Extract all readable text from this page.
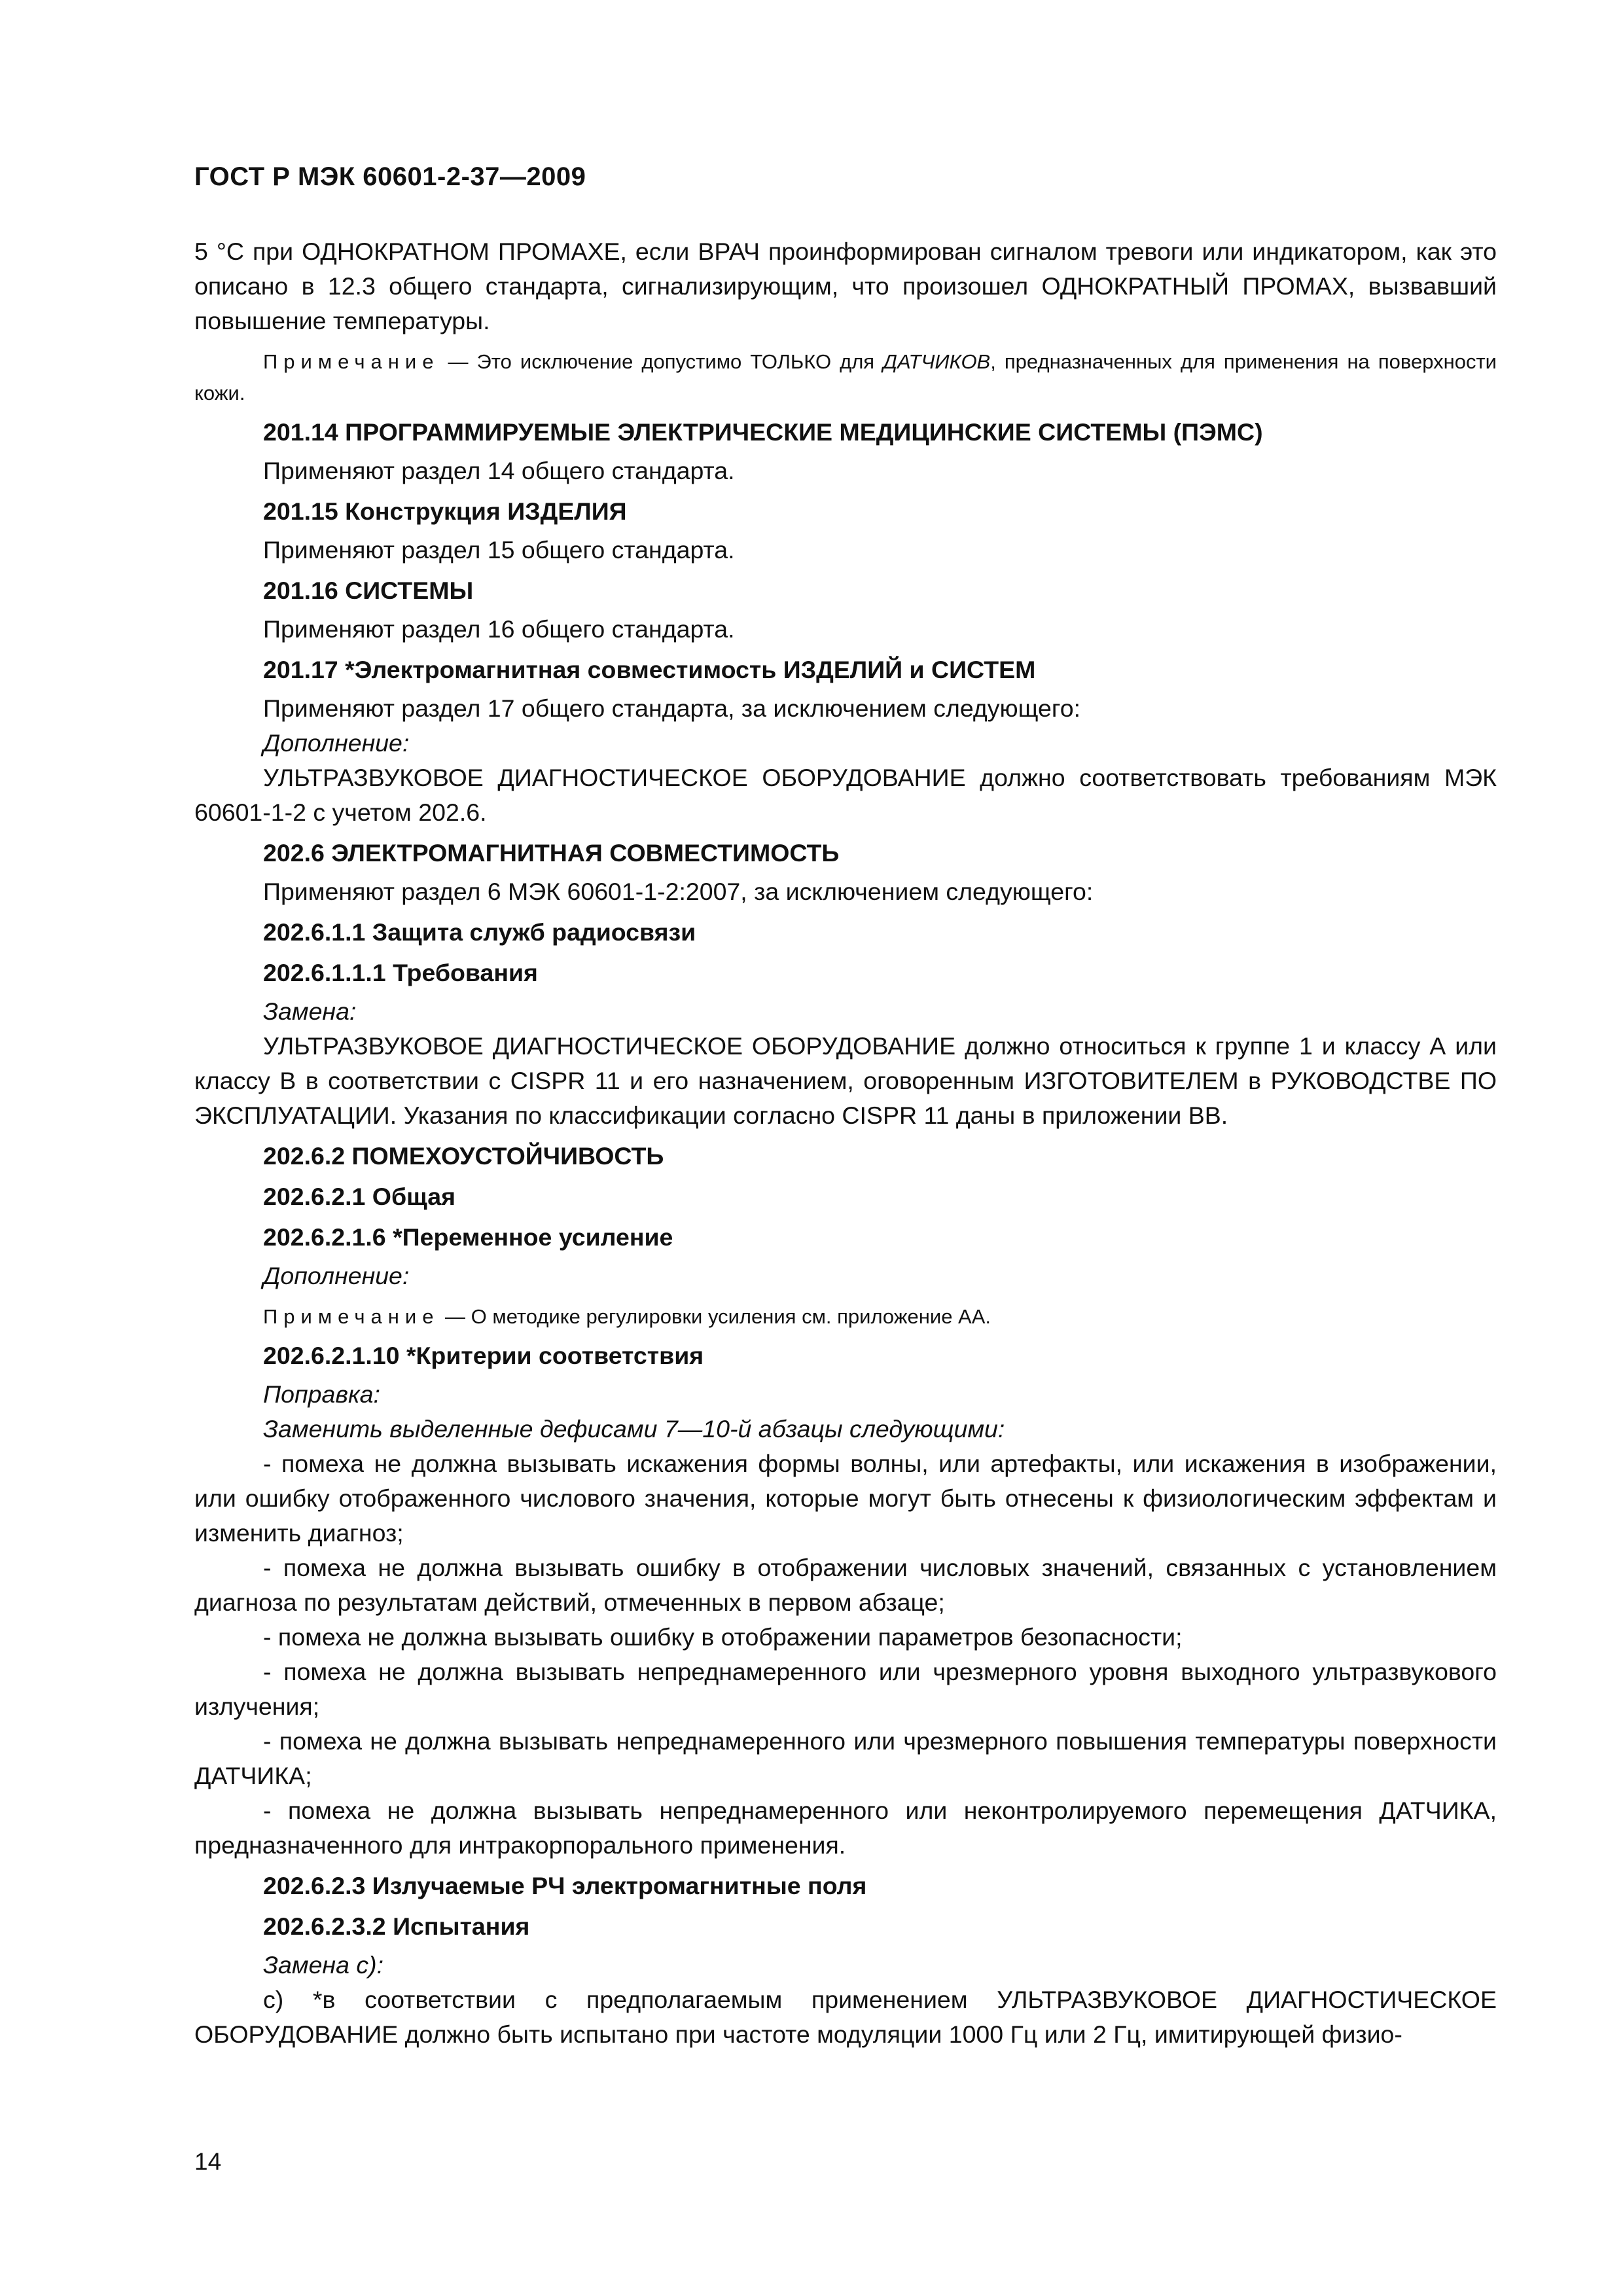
ГОСТ Р МЭК 60601-2-37—2009

5 °С при ОДНОКРАТНОМ ПРОМАХЕ, если ВРАЧ проинформирован сигналом тревоги или индикатором, как это описано в 12.3 общего стандарта, сигнализирующим, что произошел ОДНОКРАТНЫЙ ПРОМАХ, вызвавший повышение температуры.

Примечание — Это исключение допустимо ТОЛЬКО для ДАТЧИКОВ, предназначенных для применения на поверхности кожи.

201.14 ПРОГРАММИРУЕМЫЕ ЭЛЕКТРИЧЕСКИЕ МЕДИЦИНСКИЕ СИСТЕМЫ (ПЭМС)
Применяют раздел 14 общего стандарта.
201.15 Конструкция ИЗДЕЛИЯ
Применяют раздел 15 общего стандарта.
201.16 СИСТЕМЫ
Применяют раздел 16 общего стандарта.
201.17 *Электромагнитная совместимость ИЗДЕЛИЙ и СИСТЕМ
Применяют раздел 17 общего стандарта, за исключением следующего:
Дополнение:

УЛЬТРАЗВУКОВОЕ ДИАГНОСТИЧЕСКОЕ ОБОРУДОВАНИЕ должно соответствовать требованиям МЭК 60601-1-2 с учетом 202.6.

202.6 ЭЛЕКТРОМАГНИТНАЯ СОВМЕСТИМОСТЬ
Применяют раздел 6 МЭК 60601-1-2:2007, за исключением следующего:
202.6.1.1 Защита служб радиосвязи
202.6.1.1.1 Требования
Замена:

УЛЬТРАЗВУКОВОЕ ДИАГНОСТИЧЕСКОЕ ОБОРУДОВАНИЕ должно относиться к группе 1 и классу А или классу В в соответствии с CISPR 11 и его назначением, оговоренным ИЗГОТОВИТЕЛЕМ в РУКОВОДСТВЕ ПО ЭКСПЛУАТАЦИИ. Указания по классификации согласно CISPR 11 даны в приложении ВВ.

202.6.2 ПОМЕХОУСТОЙЧИВОСТЬ
202.6.2.1 Общая
202.6.2.1.6 *Переменное усиление
Дополнение:

Примечание — О методике регулировки усиления см. приложение АА.

202.6.2.1.10 *Критерии соответствия
Поправка:
Заменить выделенные дефисами 7—10-й абзацы следующими:

- помеха не должна вызывать искажения формы волны, или артефакты, или искажения в изображении, или ошибку отображенного числового значения, которые могут быть отнесены к физиологическим эффектам и изменить диагноз;

- помеха не должна вызывать ошибку в отображении числовых значений, связанных с установлением диагноза по результатам действий, отмеченных в первом абзаце;

- помеха не должна вызывать ошибку в отображении параметров безопасности;

- помеха не должна вызывать непреднамеренного или чрезмерного уровня выходного ультразвукового излучения;

- помеха не должна вызывать непреднамеренного или чрезмерного повышения температуры поверхности ДАТЧИКА;

- помеха не должна вызывать непреднамеренного или неконтролируемого перемещения ДАТЧИКА, предназначенного для интракорпорального применения.

202.6.2.3 Излучаемые РЧ электромагнитные поля
202.6.2.3.2 Испытания
Замена с):

с) *в соответствии с предполагаемым применением УЛЬТРАЗВУКОВОЕ ДИАГНОСТИЧЕСКОЕ ОБОРУДОВАНИЕ должно быть испытано при частоте модуляции 1000 Гц или 2 Гц, имитирующей физио-

14
